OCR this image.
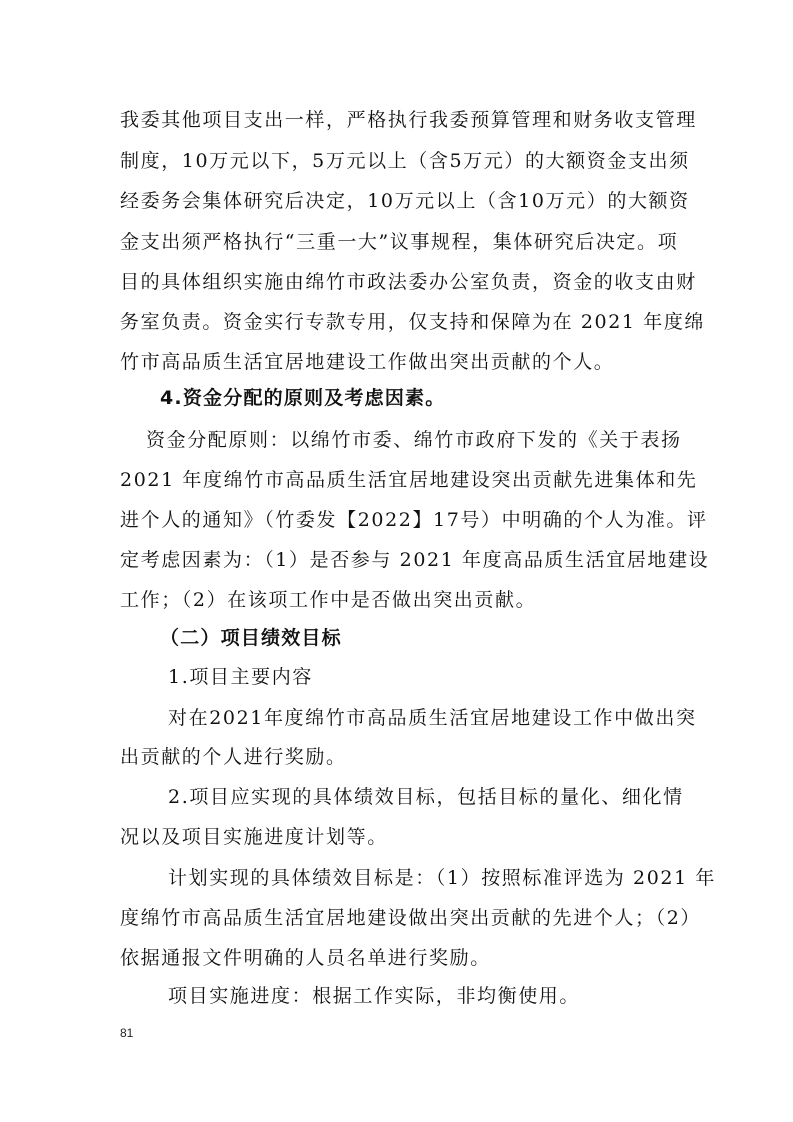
我委其他项目支出一样，严格执行我委预算管理和财务收支管理
制度，10万元以下，5万元以上（含5万元）的大额资金支出须
经委务会集体研究后决定，10万元以上（含10万元）的大额资
金支出须严格执行“三重一大”议事规程，集体研究后决定。项
目的具体组织实施由绵竹市政法委办公室负责，资金的收支由财
务室负责。资金实行专款专用，仅支持和保障为在 2021 年度绵
竹市高品质生活宜居地建设工作做出突出贡献的个人。
4.资金分配的原则及考虑因素。
资金分配原则：以绵竹市委、绵竹市政府下发的《关于表扬
2021 年度绵竹市高品质生活宜居地建设突出贡献先进集体和先
进个人的通知》（竹委发【2022】17号）中明确的个人为准。评
定考虑因素为：（1）是否参与 2021 年度高品质生活宜居地建设
工作；（2）在该项工作中是否做出突出贡献。
（二）项目绩效目标
1.项目主要内容
对在2021年度绵竹市高品质生活宜居地建设工作中做出突
出贡献的个人进行奖励。
2.项目应实现的具体绩效目标，包括目标的量化、细化情
况以及项目实施进度计划等。
计划实现的具体绩效目标是：（1）按照标准评选为 2021 年
度绵竹市高品质生活宜居地建设做出突出贡献的先进个人；（2）
依据通报文件明确的人员名单进行奖励。
项目实施进度：根据工作实际，非均衡使用。
81
